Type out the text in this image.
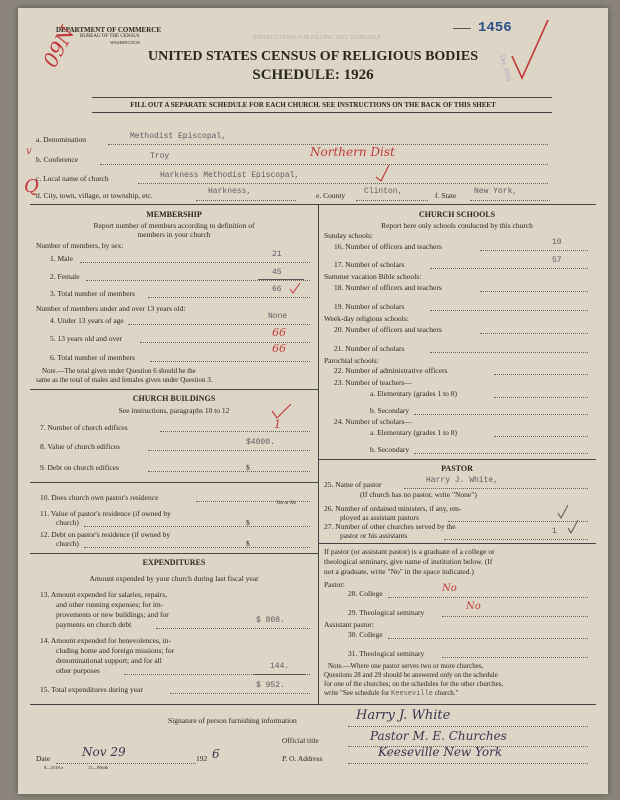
DEPARTMENT OF COMMERCE
BUREAU OF THE CENSUS
WASHINGTON
1456
09N	INSTRUCTIONS FOR FILLING OUT SCHEDULE
Dec 1926
UNITED STATES CENSUS OF RELIGIOUS BODIES
SCHEDULE: 1926
FILL OUT A SEPARATE SCHEDULE FOR EACH CHURCH. SEE INSTRUCTIONS ON THE BACK OF THIS SHEET
v
Q
a. Denomination	Methodist Episcopal,
b. Conference	Troy	Northern Dist
c. Local name of church	Harkness Methodist Episcopal,
d. City, town, village, or township, etc.	Harkness,	e. County Clinton,	f. State New York,
MEMBERSHIP
Report number of members according to definition of
members in your church
Number of members, by sex:
1. Male	21
2. Female	45
3. Total number of members	66
Number of members under and over 13 years old:
4. Under 13 years of age	None
5. 13 years old and over	66
6. Total number of members
66
Note.—The total given under Question 6 should be the
same as the total of males and females given under Question 3.
CHURCH BUILDINGS
See instructions, paragraphs 10 to 12
7. Number of church edifices	1
8. Value of church edifices	$4000.
9. Debt on church edifices	$
10. Does church own pastor's residence
Yes or No
11. Value of pastor's residence (if owned by
church)	$
12. Debt on pastor's residence (if owned by
church)	$
EXPENDITURES
Amount expended by your church during last fiscal year
13. Amount expended for salaries, repairs,
and other running expenses; for im-
provements or new buildings; and for
payments on church debt	$ 808.
14. Amount expended for benevolences, in-
cluding home and foreign missions; for
denominational support; and for all
other purposes	144.
15. Total expenditures during year	$ 952.
CHURCH SCHOOLS
Report here only schools conducted by this church
Sunday schools:
16. Number of officers and teachers	10
17. Number of scholars	57
Summer vacation Bible schools:
18. Number of officers and teachers
19. Number of scholars
Week-day religious schools:
20. Number of officers and teachers
21. Number of scholars
Parochial schools:
22. Number of administrative officers
23. Number of teachers—
a. Elementary (grades 1 to 8)
b. Secondary
24. Number of scholars—
a. Elementary (grades 1 to 8)
b. Secondary
PASTOR
25. Name of pastor	Harry J. White,
(If church has no pastor, write "None")
26. Number of ordained ministers, if any, em-
ployed as assistant pastors
27. Number of other churches served by the
pastor or his assistants	1
If pastor (or assistant pastor) is a graduate of a college or
theological seminary, give name of institution below. (If
not a graduate, write "No" in the space indicated.)
Pastor:
28. College	No
29. Theological seminary
No
Assistant pastor:
30. College
31. Theological seminary
Note.—Where one pastor serves two or more churches,
Questions 28 and 29 should be answered only on the schedule
for one of the churches; on the schedules for the other churches,
write "See schedule for Keeseville church."
Signature of person furnishing information	Harry J. White
Official title	Pastor M. E. Churches
Date	Nov 29	192 6	P. O. Address	Keeseville New York
8—5518 a	11—9064b
